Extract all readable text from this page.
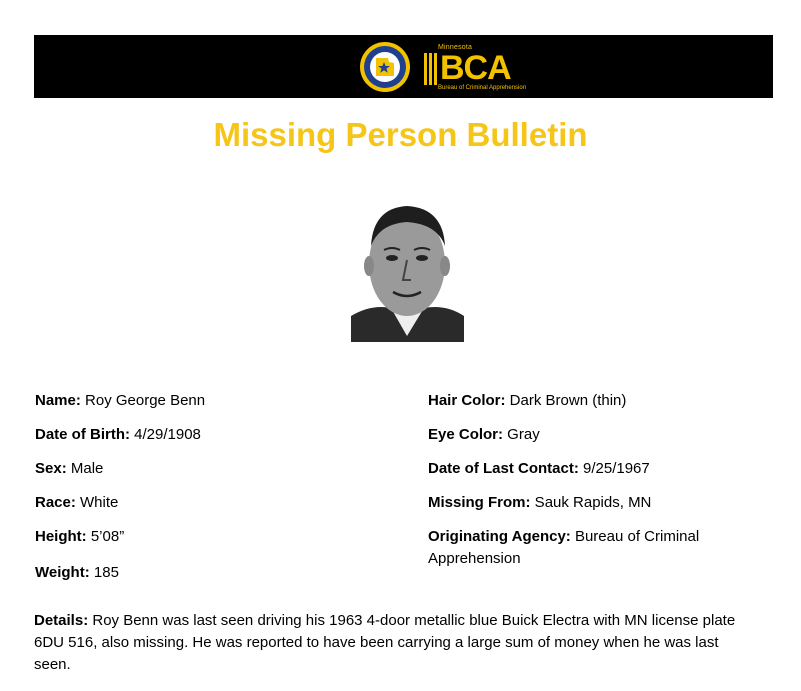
Minnesota
BCA
Bureau of Criminal Apprehension
Missing Person Bulletin
Name: Roy George Benn
Date of Birth: 4/29/1908
Sex: Male
Race: White
Height: 5’08”
Weight: 185
Hair Color: Dark Brown (thin)
Eye Color: Gray
Date of Last Contact: 9/25/1967
Missing From: Sauk Rapids, MN
Originating Agency: Bureau of Criminal Apprehension
Details: Roy Benn was last seen driving his 1963 4-door metallic blue Buick Electra with MN license plate 6DU 516, also missing. He was reported to have been carrying a large sum of money when he was last seen.
